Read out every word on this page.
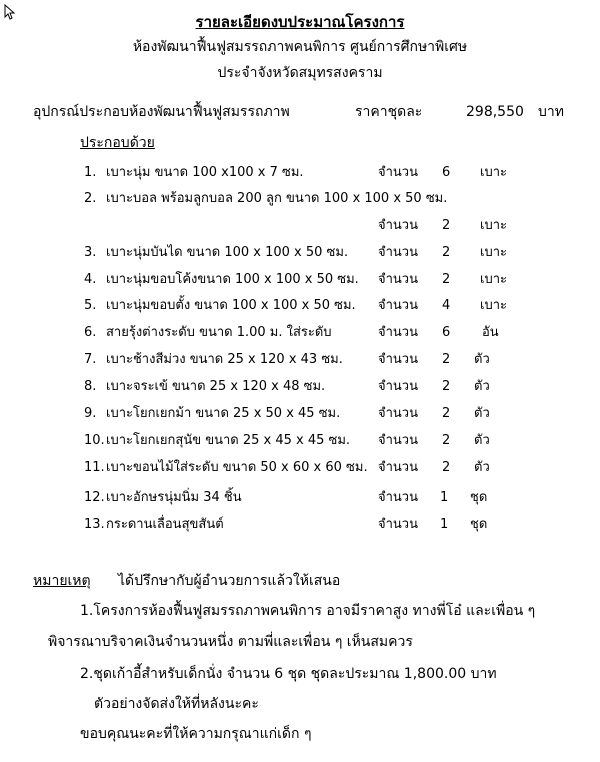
รายละเอียดงบประมาณโครงการ
ห้องพัฒนาฟื้นฟูสมรรถภาพคนพิการ ศูนย์การศึกษาพิเศษ
ประจำจังหวัดสมุทรสงคราม
อุปกรณ์ประกอบห้องพัฒนาฟื้นฟูสมรรถภาพ	ราคาชุดละ	298,550 บาท
ประกอบด้วย
1. เบาะนุ่ม ขนาด 100 x100 x 7 ซม.	จำนวน 6 เบาะ
2. เบาะบอล พร้อมลูกบอล 200 ลูก ขนาด 100 x 100 x 50 ซม.
จำนวน 2 เบาะ
3. เบาะนุ่มบันได ขนาด 100 x 100 x 50 ซม. จำนวน 2 เบาะ
4. เบาะนุ่มขอบโค้งขนาด 100 x 100 x 50 ซม. จำนวน 2 เบาะ
5. เบาะนุ่มขอบตั้ง ขนาด 100 x 100 x 50 ซม. จำนวน 4 เบาะ
6. สายรุ้งต่างระดับ ขนาด 1.00 ม. ใส่ระดับ	จำนวน 6 อัน
7. เบาะช้างสีม่วง ขนาด 25 x 120 x 43 ซม.	จำนวน 2 ตัว
8. เบาะจระเข้ ขนาด 25 x 120 x 48 ซม.	จำนวน 2 ตัว
9. เบาะโยกเยกม้า ขนาด 25 x 50 x 45 ซม.	จำนวน 2 ตัว
10. เบาะโยกเยกสุนัข ขนาด 25 x 45 x 45 ซม. จำนวน 2 ตัว
11. เบาะขอนไม้ใส่ระดับ ขนาด 50 x 60 x 60 ซม. จำนวน 2 ตัว
12. เบาะอักษรนุ่มนิ่ม 34 ชิ้น	จำนวน 1 ชุด
13. กระดานเลื่อนสุขสันต์	จำนวน 1 ชุด
หมายเหตุ ได้ปรึกษากับผู้อำนวยการแล้วให้เสนอ
1.โครงการห้องฟื้นฟูสมรรถภาพคนพิการ อาจมีราคาสูง ทางพี่โอ๋ และเพื่อน ๆ
พิจารณาบริจาคเงินจำนวนหนึ่ง ตามพี่และเพื่อน ๆ เห็นสมควร
2.ชุดเก้าอี้สำหรับเด็กนั่ง จำนวน 6 ชุด ชุดละประมาณ 1,800.00 บาท
ตัวอย่างจัดส่งให้ที่หลังนะคะ
ขอบคุณนะคะที่ให้ความกรุณาแก่เด็ก ๆ
